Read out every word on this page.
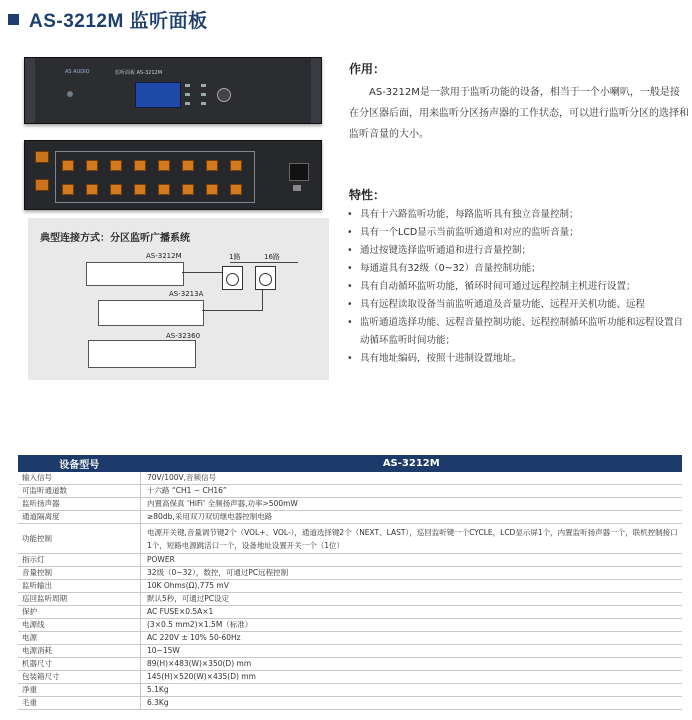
AS-3212M 监听面板
AS AUDIO	监听面板 AS-3212M
典型连接方式：分区监听广播系统
AS-3212M
AS-3213A
AS-32360
1路	16路
作用：
AS-3212M是一款用于监听功能的设备，相当于一个小喇叭，一般是接在分区器后面，用来监听分区扬声器的工作状态，可以进行监听分区的选择和监听音量的大小。
特性：
• 具有十六路监听功能，每路监听具有独立音量控制；
• 具有一个LCD显示当前监听通道和对应的监听音量；
• 通过按键选择监听通道和进行音量控制；
• 每通道具有32级（0~32）音量控制功能；
• 具有自动循环监听功能，循环时间可通过远程控制主机进行设置；
• 具有远程读取设备当前监听通道及音量功能、远程开关机功能、远程
• 监听通道选择功能、远程音量控制功能、远程控制循环监听功能和远程设置自动循环监听时间功能；
• 具有地址编码，按照十进制设置地址。
设备型号	AS-3212M
输入信号	70V/100V,音频信号
可监听通道数	十六路 “CH1 ~ CH16”
监听扬声器	内置高保真 ‘HiFi’ 全频扬声器,功率>500mW
通道隔离度	≥80db,采用双刀双切继电器控制电路
功能控制	电源开关键,音量调节键2个（VOL+、VOL-），通道选择键2个（NEXT、LAST），巡回监听键一个CYCLE，LCD显示屏1个，内置监听扬声器一个，联机控制接口1个，短路电源跳活口一个，设备地址设置开关一个（1位）
指示灯	POWER
音量控制	32级（0~32），数控，可通过PC远程控制
监听输出	10K Ohms(Ω),775 mV
巡回监听周期	默认5秒，可通过PC设定
保护	AC FUSE×0.5A×1
电源线	(3×0.5 mm2)×1.5M（标准）
电源	AC 220V ± 10% 50-60Hz
电源消耗	10~15W
机器尺寸	89(H)×483(W)×350(D) mm
包装箱尺寸	145(H)×520(W)×435(D) mm
净重	5.1Kg
毛重	6.3Kg
